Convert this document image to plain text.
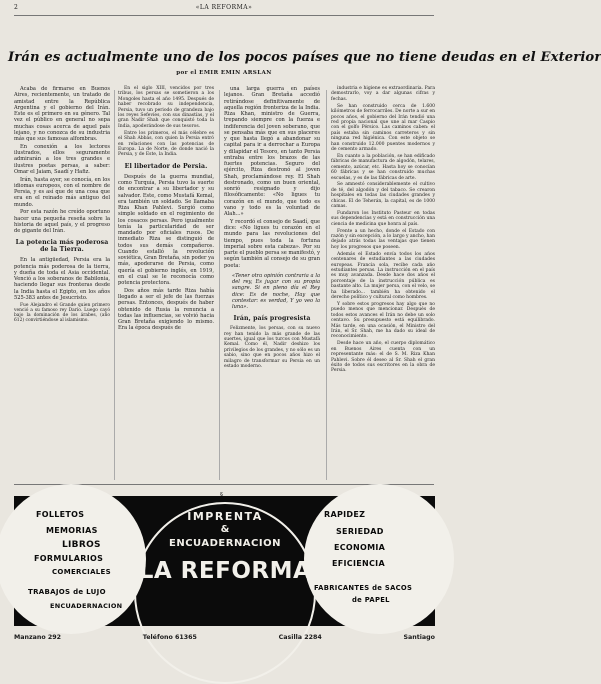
2	«LA REFORMA»
Irán es actualmente uno de los pocos países que no tiene deudas en el Exterior
por el EMIR EMIN ARSLAN

Acaba de firmarse en Buenos Aires, recientemente, un tratado de amistad entre la República Argentina y el gobierno del Irán. Este es el primero en su género. Tal vez el público en general no sepa muchas cosas acerca de aquel país lejano, y no conozca de su industria más que sus famosas alfombras.

En conexión a los lectores ilustrados, ellos seguramente admirarán a los tres grandes e ilustres poetas persas, a saber: Omar el Jaiam, Saadí y Hafiz.

Irán, hasta ayer, se conocía, en los idiomas europeos, con el nombre de Persia, y es así que de una cosa que era en el reinado más antiguo del mundo.

Por esta razón he creído oportuno hacer una pequeña reseña sobre la historia de aquel país, y el progreso de gigante del Irán.

La potencia más poderosa de la Tierra.

En la antigüedad, Persia era la potencia más poderosa de la tierra, y dueña de toda el Asia occidental. Venció a los soberanos de Babilonia, haciendo llegar sus fronteras desde la India hasta el Egipto, en los años 525-383 antes de Jesucristo.

Fue Alejandro el Grande quien primero venció a su famoso rey Darío. Luego cayó bajo la dominación de los árabes, (año 612) convirtiéndose al islamismo.

En el siglo XIII, vencidos por tres tribus, los persas se sometieron a los Mongoles hasta el año 1495. Después de haber recobrado su independencia, Persia, tuvo un periodo de grandeza bajo los reyes Sefevíes, con sus dinastías, y el gran Nadir Shah que conquistó toda la India, apoderándose de sus tesoros.

Entre los primeros, el más célebre es el Shah Abbás, con quien la Persia entró en relaciones con las potencias de Europa. La de Norte, de donde nació la Persia, y de Este, la India.

El libertador de Persia.

Después de la guerra mundial, como Turquía, Persia tuvo la suerte de encontrar a su libertador y su salvador. Este, como Mustafá Kemal, era también un soldado. Se llamaba Riza Khan Pahlevi. Surgió como simple soldado en el regimiento de los cosacos persas. Pero igualmente tenía la particularidad de ser mandado por oficiales rusos. De inmediato Riza se distinguió de todos sus demás compañeros. Cuando estalló la revolución soviética, Gran Bretaña, sin poder ya más, apoderarse de Persia, como quería el gobierno inglés, en 1919, en el cual se le reconocía como potencia protectora.

Dos años más tarde Riza había llegado a ser el jefe de las fuerzas persas. Entonces, después de haber obtenido de Rusia la renuncia a todas las influencias, se volvió hacia Gran Bretaña exigiendo lo mismo. Era la época después de

una larga guerra en países lejanos. Gran Bretaña accedió retirándose definitivamente de aquella región fronteriza de la India. Riza Khan, ministro de Guerra, trepando siempre con la fuerza e indiferencia del joven soberano, que se pensaba más que en sus placeres y que hasta llegó a abandonar su capital para ir a derrochar a Europa y dilapidar el Tesoro, en tanto Persia entraba entre los brazos de las fuertes potencias. Seguro del ejército, Riza destronó al joven Shah, proclamándose rey. El Shah destronado, como un buen oriental, sonrió resignado y dijo filosóficamente: «No ligues tu corazón en el mundo, que todo es vano y todo es la voluntad de Alah...»

Y recordó el consejo de Saadí, que dice: «No ligues tu corazón en el mundo para las revoluciones del tiempo, pues toda la fortuna imperial sobre esta cabeza». Por su parte el pueblo persa se manifestó, y según también al consejo de su gran poeta:

«Tener otra opinión contraria a la del rey, Es jugar con su propia sangre. Si en pleno día el Rey dice: Es de noche, Hay que contestar: es verdad, Y yo veo la luna».

Irán, país progresista

Felizmente, los persas, con su nuevo rey han tenido la más grande de las suertes, igual que los turcos con Mustafá Kemal. Como él, Nadir deshizo los privilegios de los grandes, y no sólo es un sabio, sino que en pocos años hizo el milagro de transformar su Persia en un estado moderno.

industria e higiene es extraordinaria. Para demostrarlo, voy a dar algunas cifras y fechas.

Se han construido cerca de 1.600 kilómetros de ferrocarriles. De norte a sur en pocos años, el gobierno del Irán tendió una red propia nacional que une al mar Caspio con el golfo Pérsico. Las caminos caben: el país estaba sin caminos carreteros y sin ninguna red higiénica. Con este objeto se han construido 12.000 puentes modernos y de cemento armado.

En cuanto a la población, se han edificado fábricas de manufactura de algodón, telares, cemento, azúcar, etc. Hasta hoy se conocían 60 fábricas y se han construido muchas escuelas, y es de las fábricas de arte.

Se amnestó considerablemente el cultivo de té, del algodón y del tabaco. Se crearon hospitales en todas las ciudades grandes y chicas. El de Teherán, la capital, es de 1000 camas.

Fundaron los Instituto Pasteur en todas sus dependencias y está en construcción una ciencia de medicina que honra al país.

Frente a un hecho, donde el Estado con razón y sin excepción, a lo largo y ancho, han dejado atrás todas las ventajas que tienen hoy los progresos que poseen.

Además el Estado envía todos los años centenares de estudiantes a las ciudades europeas. Francia sola, recibe cada año estudiantes persas. La instrucción en el país es muy avanzada. Desde hace dos años el porcentaje de la instrucción pública es bastante alto. La mujer persa, con el velo, se ha liberado... también ha obtenido el derecho político y cultural como hombres.

Y sobre estos progresos hay algo que no puedo menos que mencionar. Después de todos estos avances el Irán no debe un solo centavo. Su presupuesto está equilibrado. Más tarde, en una ocasión, el Ministro del Irán, el Sr. Shah, me ha dado su ideal de reconocimiento.

Desde hace un año, el cuerpo diplomático en Buenos Aires cuenta con un representante más: el de S. M. Riza Khan Pahlevi. Sobre él deseo al Sr. Shah el gran éxito de todos sus escritores en la obra de Persia.

FOLLETOS
MEMORIAS
LIBROS
FORMULARIOS
COMERCIALES
TRABAJOS de LUJO
ENCUADERNACION
IMPRENTA
&
ENCUADERNACION
LA REFORMA
RAPIDEZ
SERIEDAD
ECONOMIA
EFICIENCIA
FABRICANTES de SACOS
de PAPEL
Manzano 292	Teléfono 61365	Casilla 2284	Santiago
